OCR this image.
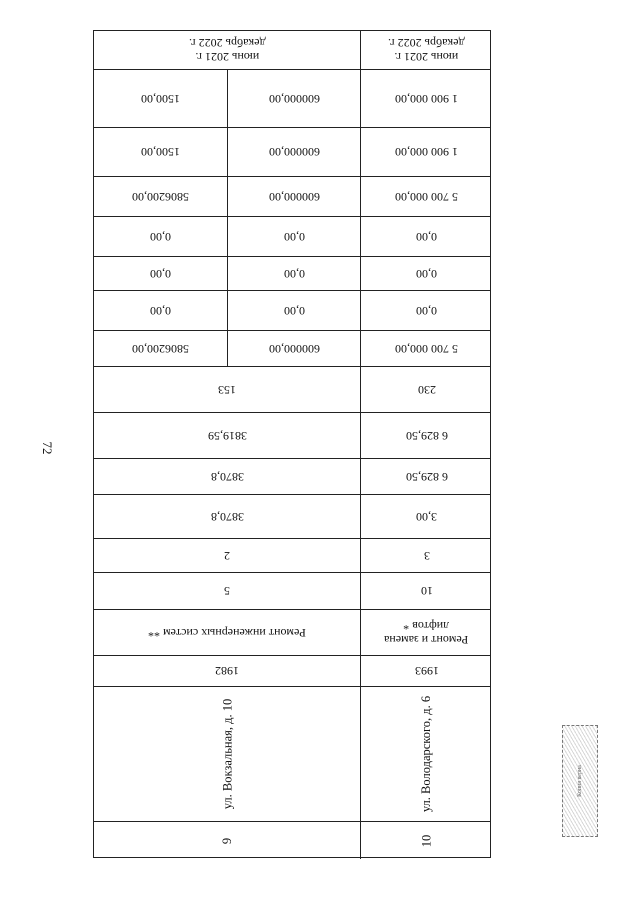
72
июнь 2021 г.
декабрь 2022 г.
июнь 2021 г.
декабрь 2022 г.
1500,00	600000,00	1 900 000,00
1500,00	600000,00	1 900 000,00
5806200,00	600000,00	5 700 000,00
0,00	0,00	0,00
0,00	0,00	0,00
0,00	0,00	0,00
5806200,00	600000,00	5 700 000,00
153	230
3819,59	6 829,50
3870,8	6 829,50
3870,8	3,00
2	3
5	10
Ремонт инженерных систем **	Ремонт и замена
лифтов *
1982	1993
ул. Вокзальная, д. 10	ул. Володарского, д. 6
9	10
Копия верна
